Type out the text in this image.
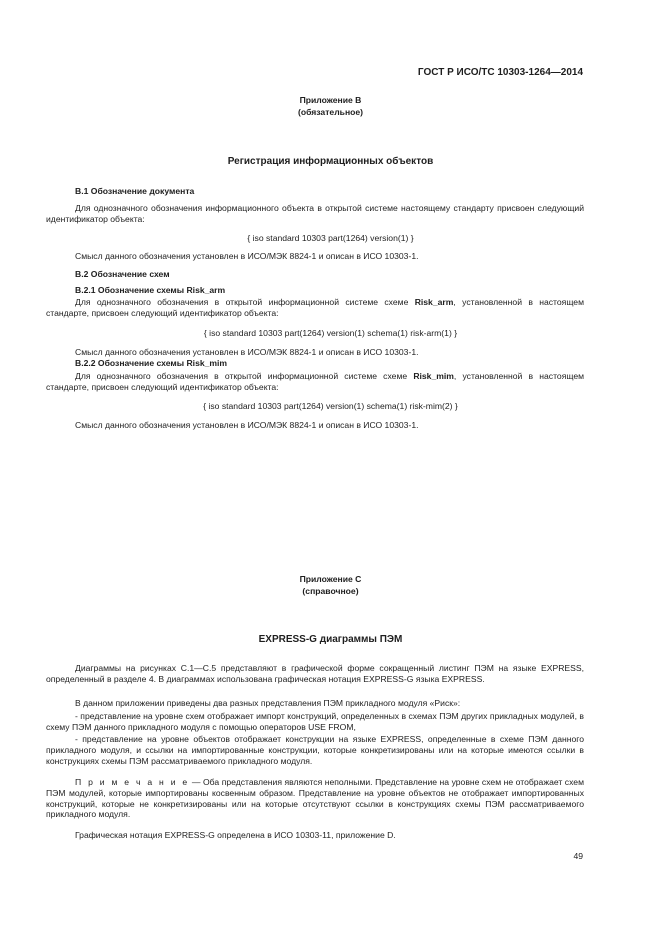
ГОСТ Р ИСО/ТС 10303-1264—2014
Приложение B
(обязательное)
Регистрация информационных объектов
B.1 Обозначение документа
Для однозначного обозначения информационного объекта в открытой системе настоящему стандарту присвоен следующий идентификатор объекта:
{ iso standard 10303 part(1264) version(1) }
Смысл данного обозначения установлен в ИСО/МЭК 8824-1 и описан в ИСО 10303-1.
B.2 Обозначение схем
B.2.1 Обозначение схемы Risk_arm
Для однозначного обозначения в открытой информационной системе схеме Risk_arm, установленной в настоящем стандарте, присвоен следующий идентификатор объекта:
{ iso standard 10303 part(1264) version(1) schema(1) risk-arm(1) }
Смысл данного обозначения установлен в ИСО/МЭК 8824-1 и описан в ИСО 10303-1.
B.2.2 Обозначение схемы Risk_mim
Для однозначного обозначения в открытой информационной системе схеме Risk_mim, установленной в настоящем стандарте, присвоен следующий идентификатор объекта:
{ iso standard 10303 part(1264) version(1) schema(1) risk-mim(2) }
Смысл данного обозначения установлен в ИСО/МЭК 8824-1 и описан в ИСО 10303-1.
Приложение C
(справочное)
EXPRESS-G диаграммы ПЭМ
Диаграммы на рисунках C.1—C.5 представляют в графической форме сокращенный листинг ПЭМ на языке EXPRESS, определенный в разделе 4. В диаграммах использована графическая нотация EXPRESS-G языка EXPRESS.
В данном приложении приведены два разных представления ПЭМ прикладного модуля «Риск»:
- представление на уровне схем отображает импорт конструкций, определенных в схемах ПЭМ других прикладных модулей, в схему ПЭМ данного прикладного модуля с помощью операторов USE FROM,
- представление на уровне объектов отображает конструкции на языке EXPRESS, определенные в схеме ПЭМ данного прикладного модуля, и ссылки на импортированные конструкции, которые конкретизированы или на которые имеются ссылки в конструкциях схемы ПЭМ рассматриваемого прикладного модуля.
П р и м е ч а н и е — Оба представления являются неполными. Представление на уровне схем не отображает схем ПЭМ модулей, которые импортированы косвенным образом. Представление на уровне объектов не отображает импортированных конструкций, которые не конкретизированы или на которые отсутствуют ссылки в конструкциях схемы ПЭМ рассматриваемого прикладного модуля.
Графическая нотация EXPRESS-G определена в ИСО 10303-11, приложение D.
49
